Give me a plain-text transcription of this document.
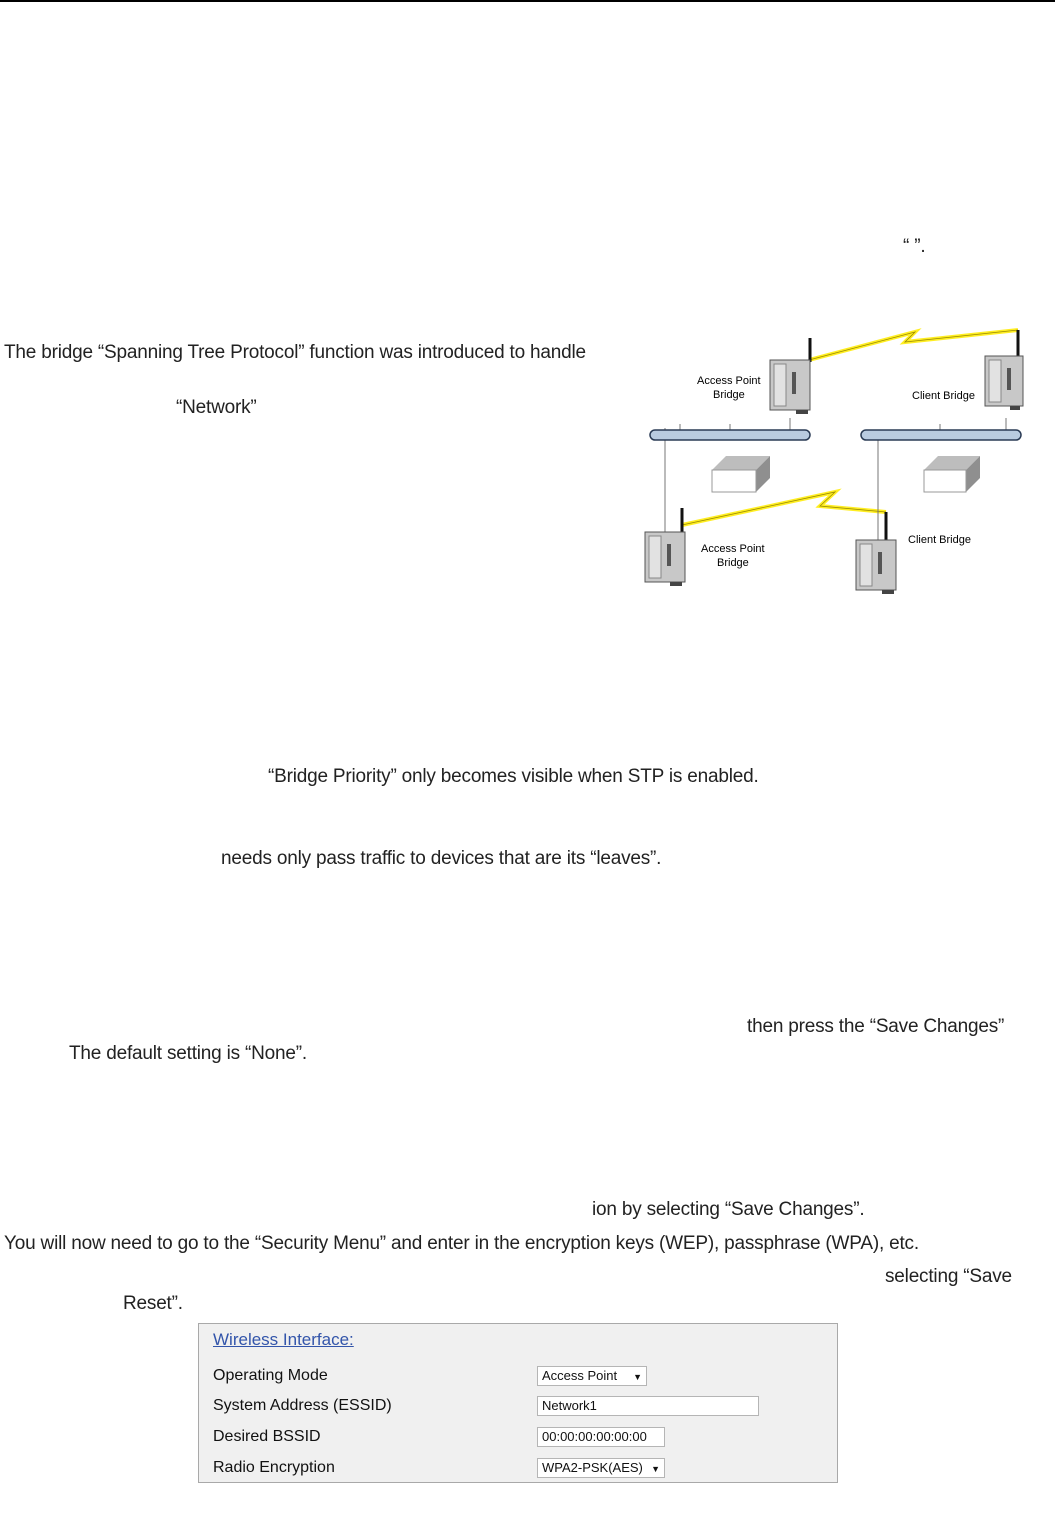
“ ”.
The bridge “Spanning Tree Protocol” function was introduced to handle
“Network”
Access Point
Bridge	Client Bridge
Access Point
Bridge
Client Bridge
“Bridge Priority” only becomes visible when STP is enabled.
needs only pass traffic to devices that are its “leaves”.
then press the “Save Changes”
The default setting is “None”.
ion by selecting “Save Changes”.
You will now need to go to the “Security Menu” and enter in the encryption keys (WEP), passphrase (WPA), etc.
selecting “Save
Reset”.
Wireless Interface:
Operating Mode	Access Point ▼
System Address (ESSID)	Network1
Desired BSSID	00:00:00:00:00:00
Radio Encryption	WPA2-PSK(AES) ▼
